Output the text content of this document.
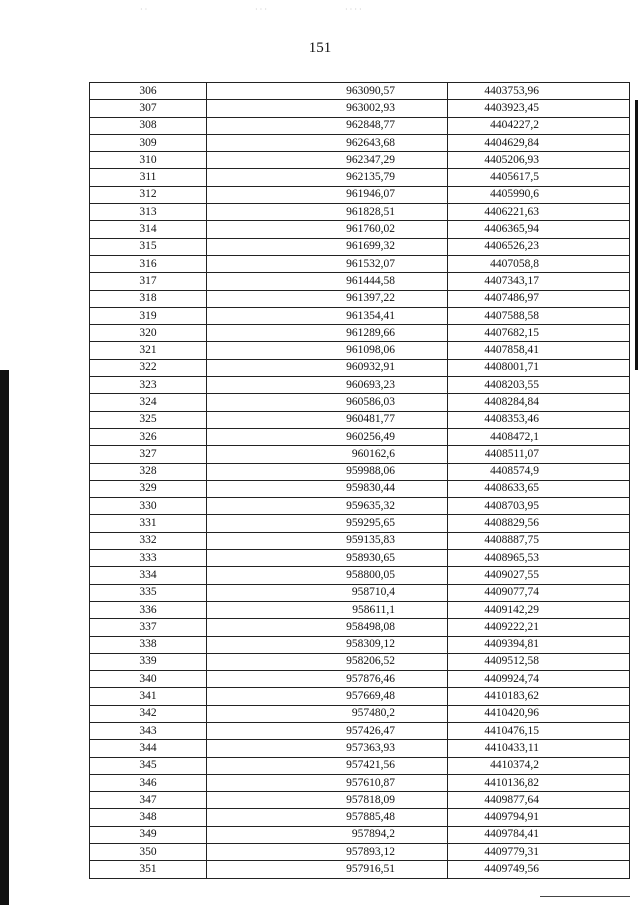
· ·	· · ·	· · · ·
151
306	963090,57	4403753,96
307	963002,93	4403923,45
308	962848,77	4404227,2
309	962643,68	4404629,84
310	962347,29	4405206,93
311	962135,79	4405617,5
312	961946,07	4405990,6
313	961828,51	4406221,63
314	961760,02	4406365,94
315	961699,32	4406526,23
316	961532,07	4407058,8
317	961444,58	4407343,17
318	961397,22	4407486,97
319	961354,41	4407588,58
320	961289,66	4407682,15
321	961098,06	4407858,41
322	960932,91	4408001,71
323	960693,23	4408203,55
324	960586,03	4408284,84
325	960481,77	4408353,46
326	960256,49	4408472,1
327	960162,6	4408511,07
328	959988,06	4408574,9
329	959830,44	4408633,65
330	959635,32	4408703,95
331	959295,65	4408829,56
332	959135,83	4408887,75
333	958930,65	4408965,53
334	958800,05	4409027,55
335	958710,4	4409077,74
336	958611,1	4409142,29
337	958498,08	4409222,21
338	958309,12	4409394,81
339	958206,52	4409512,58
340	957876,46	4409924,74
341	957669,48	4410183,62
342	957480,2	4410420,96
343	957426,47	4410476,15
344	957363,93	4410433,11
345	957421,56	4410374,2
346	957610,87	4410136,82
347	957818,09	4409877,64
348	957885,48	4409794,91
349	957894,2	4409784,41
350	957893,12	4409779,31
351	957916,51	4409749,56
